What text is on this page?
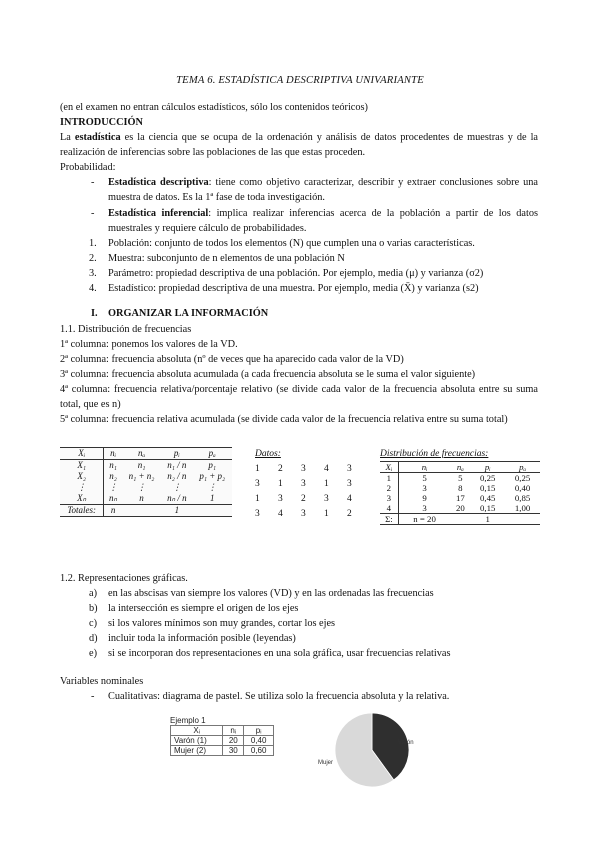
TEMA 6. ESTADÍSTICA DESCRIPTIVA UNIVARIANTE
(en el examen no entran cálculos estadísticos, sólo los contenidos teóricos)
INTRODUCCIÓN
La estadística es la ciencia que se ocupa de la ordenación y análisis de datos procedentes de muestras y de la realización de inferencias sobre las poblaciones de las que estas proceden.
Probabilidad:
- Estadística descriptiva: tiene como objetivo caracterizar, describir y extraer conclusiones sobre una muestra de datos. Es la 1ª fase de toda investigación.
- Estadística inferencial: implica realizar inferencias acerca de la población a partir de los datos muestrales y requiere cálculo de probabilidades.
1. Población: conjunto de todos los elementos (N) que cumplen una o varias características.
2. Muestra: subconjunto de n elementos de una población N
3. Parámetro: propiedad descriptiva de una población. Por ejemplo, media (μ) y varianza (σ2)
4. Estadístico: propiedad descriptiva de una muestra. Por ejemplo, media (X̄) y varianza (s2)
I. ORGANIZAR LA INFORMACIÓN
1.1. Distribución de frecuencias
1ª columna: ponemos los valores de la VD.
2ª columna: frecuencia absoluta (nº de veces que ha aparecido cada valor de la VD)
3ª columna: frecuencia absoluta acumulada (a cada frecuencia absoluta se le suma el valor siguiente)
4ª columna: frecuencia relativa/porcentaje relativo (se divide cada valor de la frecuencia absoluta entre su suma total, que es n)
5ª columna: frecuencia relativa acumulada (se divide cada valor de la frecuencia relativa entre su suma total)
Xᵢ	nᵢ	nₐ	pᵢ	pₐ
X₁	n₁	n₁	n₁ / n	p₁
X₂	n₂	n₁ + n₂	n₂ / n	p₁ + p₂
⋮	⋮	⋮	⋮	⋮
Xₙ	nₙ	n	nₙ / n	1
Totales:	n		1	
Datos:
1	2	3	4	3
3	1	3	1	3
1	3	2	3	4
3	4	3	1	2
Distribución de frecuencias:
Xᵢ	nᵢ	nₐ	pᵢ	pₐ
1	5	5	0,25	0,25
2	3	8	0,15	0,40
3	9	17	0,45	0,85
4	3	20	0,15	1,00
Σ:	n = 20		1	
1.2. Representaciones gráficas.
a) en las abscisas van siempre los valores (VD) y en las ordenadas las frecuencias
b) la intersección es siempre el origen de los ejes
c) si los valores mínimos son muy grandes, cortar los ejes
d) incluir toda la información posible (leyendas)
e) si se incorporan dos representaciones en una sola gráfica, usar frecuencias relativas
Variables nominales
- Cualitativas: diagrama de pastel. Se utiliza solo la frecuencia absoluta y la relativa.
Ejemplo 1
Xᵢ	nᵢ	pᵢ
Varón (1)	20	0,40
Mujer (2)	30	0,60
Varón
Mujer
